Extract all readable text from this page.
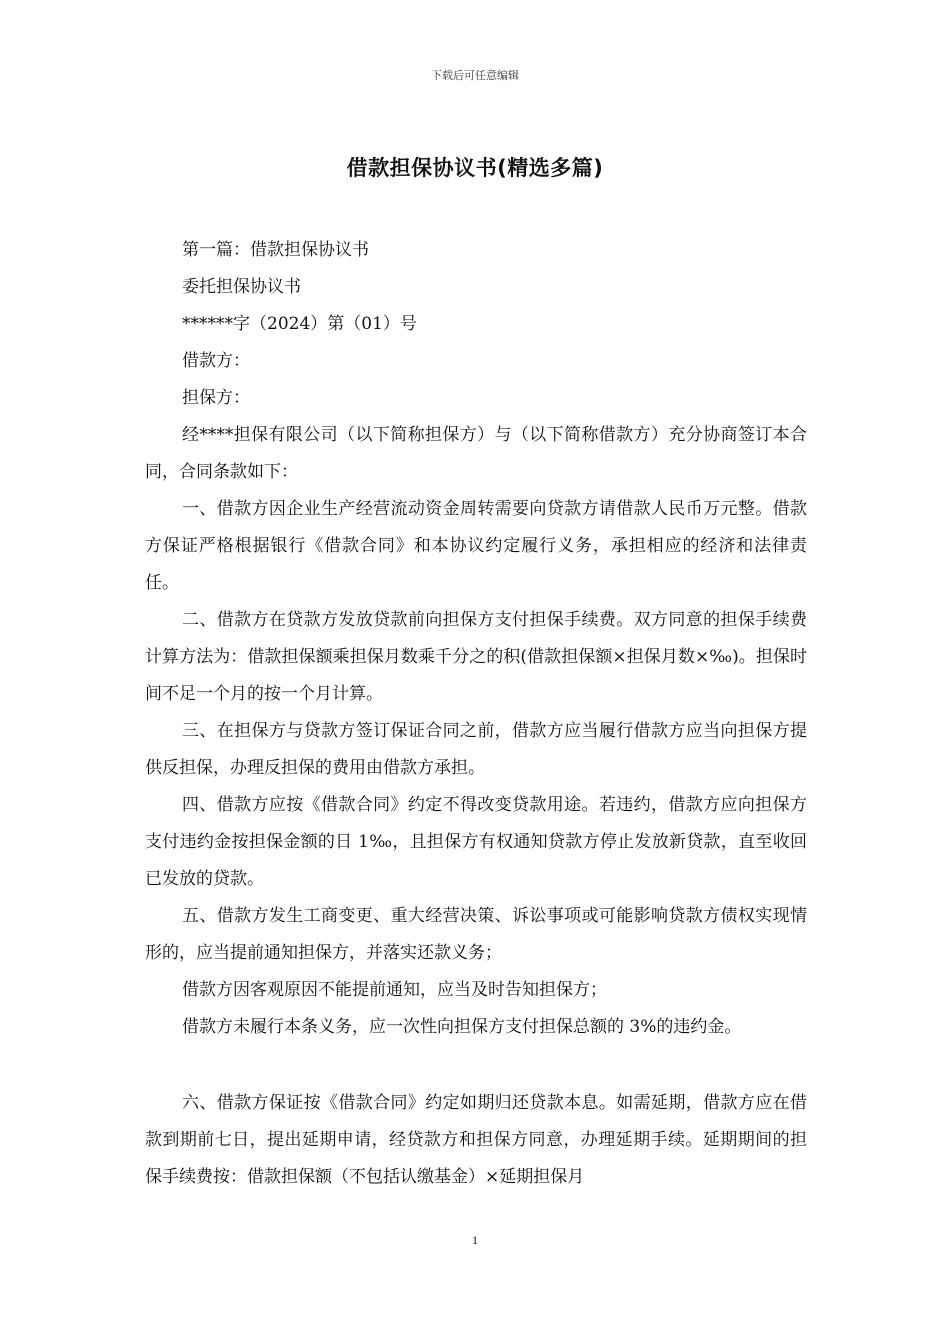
下载后可任意编辑
借款担保协议书(精选多篇)

第一篇：借款担保协议书

委托担保协议书

******字（2024）第（01）号

借款方：

担保方：

经****担保有限公司（以下简称担保方）与（以下简称借款方）充分协商签订本合同，合同条款如下：

一、借款方因企业生产经营流动资金周转需要向贷款方请借款人民币万元整。借款方保证严格根据银行《借款合同》和本协议约定履行义务，承担相应的经济和法律责任。

二、借款方在贷款方发放贷款前向担保方支付担保手续费。双方同意的担保手续费计算方法为：借款担保额乘担保月数乘千分之的积(借款担保额×担保月数×‰)。担保时间不足一个月的按一个月计算。

三、在担保方与贷款方签订保证合同之前，借款方应当履行借款方应当向担保方提供反担保，办理反担保的费用由借款方承担。

四、借款方应按《借款合同》约定不得改变贷款用途。若违约，借款方应向担保方支付违约金按担保金额的日 1‰，且担保方有权通知贷款方停止发放新贷款，直至收回已发放的贷款。

五、借款方发生工商变更、重大经营决策、诉讼事项或可能影响贷款方债权实现情形的，应当提前通知担保方，并落实还款义务；

借款方因客观原因不能提前通知，应当及时告知担保方；

借款方未履行本条义务，应一次性向担保方支付担保总额的 3%的违约金。

六、借款方保证按《借款合同》约定如期归还贷款本息。如需延期，借款方应在借款到期前七日，提出延期申请，经贷款方和担保方同意，办理延期手续。延期期间的担保手续费按：借款担保额（不包括认缴基金）×延期担保月

1
